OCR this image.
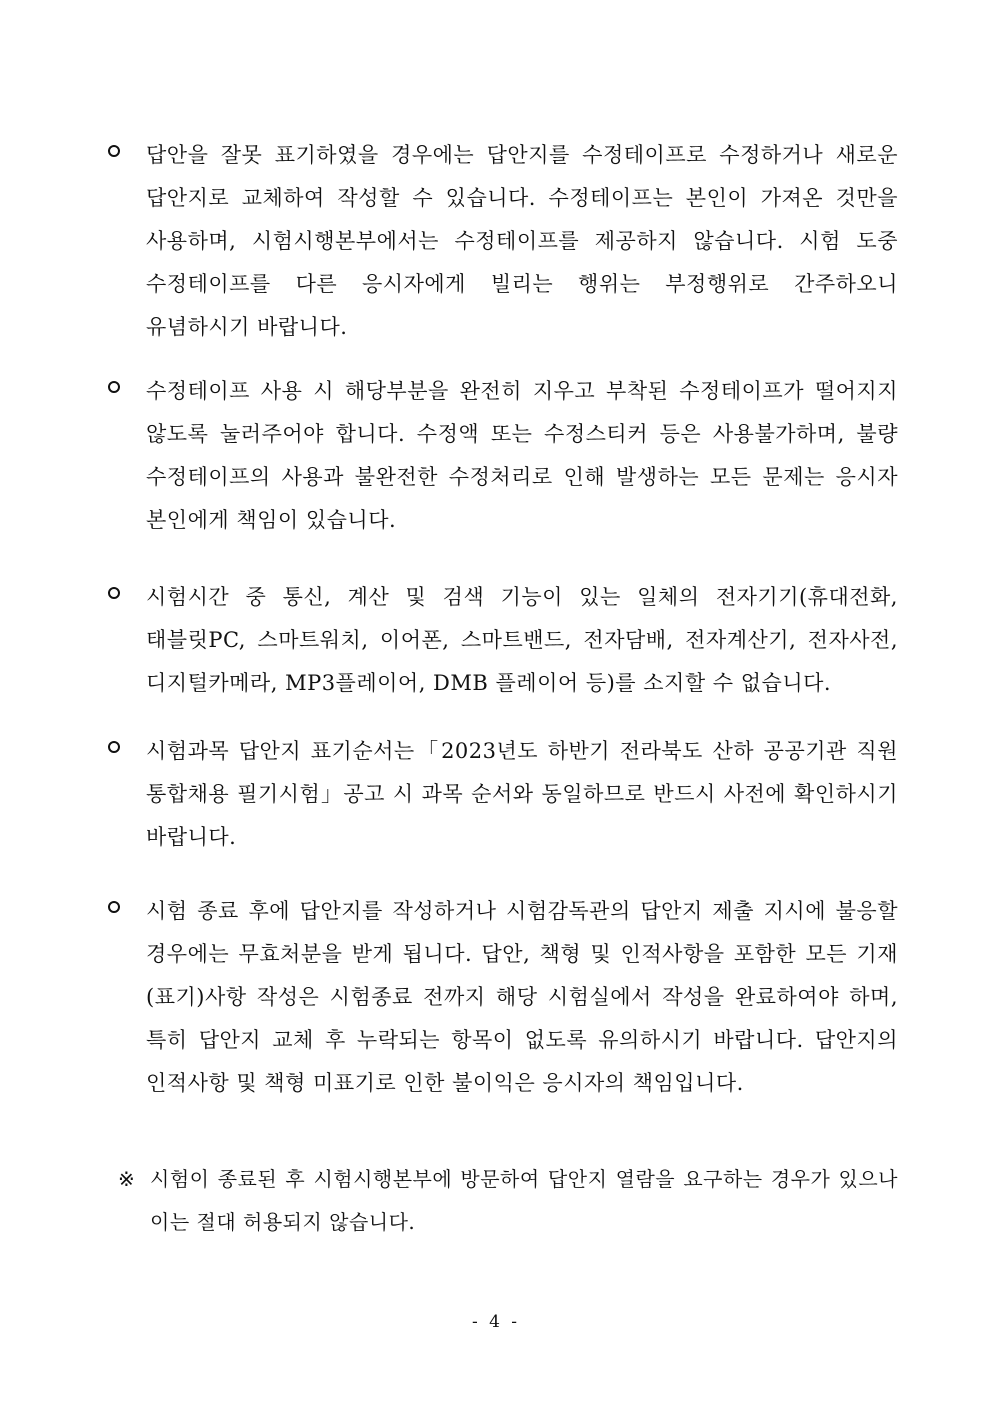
답안을 잘못 표기하였을 경우에는 답안지를 수정테이프로 수정하거나 새로운 답안지로 교체하여 작성할 수 있습니다. 수정테이프는 본인이 가져온 것만을 사용하며, 시험시행본부에서는 수정테이프를 제공하지 않습니다. 시험 도중 수정테이프를 다른 응시자에게 빌리는 행위는 부정행위로 간주하오니 유념하시기 바랍니다.
수정테이프 사용 시 해당부분을 완전히 지우고 부착된 수정테이프가 떨어지지 않도록 눌러주어야 합니다. 수정액 또는 수정스티커 등은 사용불가하며, 불량 수정테이프의 사용과 불완전한 수정처리로 인해 발생하는 모든 문제는 응시자 본인에게 책임이 있습니다.
시험시간 중 통신, 계산 및 검색 기능이 있는 일체의 전자기기(휴대전화, 태블릿PC, 스마트워치, 이어폰, 스마트밴드, 전자담배, 전자계산기, 전자사전, 디지털카메라, MP3플레이어, DMB 플레이어 등)를 소지할 수 없습니다.
시험과목 답안지 표기순서는「2023년도 하반기 전라북도 산하 공공기관 직원 통합채용 필기시험」공고 시 과목 순서와 동일하므로 반드시 사전에 확인하시기 바랍니다.
시험 종료 후에 답안지를 작성하거나 시험감독관의 답안지 제출 지시에 불응할 경우에는 무효처분을 받게 됩니다. 답안, 책형 및 인적사항을 포함한 모든 기재(표기)사항 작성은 시험종료 전까지 해당 시험실에서 작성을 완료하여야 하며, 특히 답안지 교체 후 누락되는 항목이 없도록 유의하시기 바랍니다. 답안지의 인적사항 및 책형 미표기로 인한 불이익은 응시자의 책임입니다.
※ 시험이 종료된 후 시험시행본부에 방문하여 답안지 열람을 요구하는 경우가 있으나 이는 절대 허용되지 않습니다.
- 4 -
